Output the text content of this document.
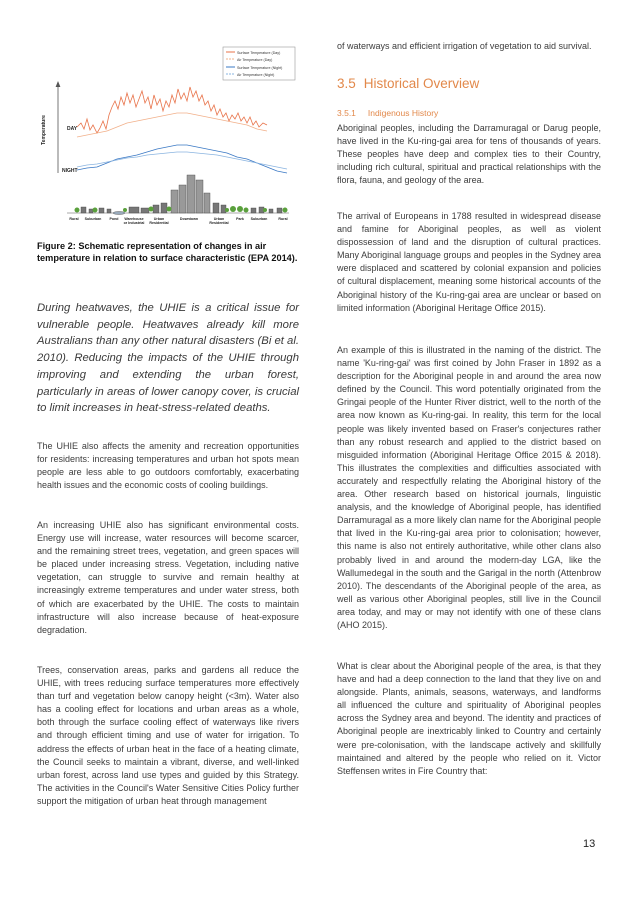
Surface Temperature (Day)
Air Temperature (Day)
Surface Temperature (Night)
Air Temperature (Night)
Temperature	DAY
NIGHT
Rural Suburban Pond Warehouse or Industrial
Urban Residential
Downtown	Urban Residential
Park Suburban	Rural

Figure 2: Schematic representation of changes in air temperature in relation to surface characteristic (EPA 2014).

During heatwaves, the UHIE is a critical issue for vulnerable people. Heatwaves already kill more Australians than any other natural disasters (Bi et al. 2010). Reducing the impacts of the UHIE through improving and extending the urban forest, particularly in areas of lower canopy cover, is crucial to limit increases in heat-stress-related deaths.

The UHIE also affects the amenity and recreation opportunities for residents: increasing temperatures and urban hot spots mean people are less able to go outdoors comfortably, exacerbating health issues and the economic costs of cooling buildings.

An increasing UHIE also has significant environmental costs. Energy use will increase, water resources will become scarcer, and the remaining street trees, vegetation, and green spaces will be placed under increasing stress. Vegetation, including native vegetation, can struggle to survive and remain healthy at increasingly extreme temperatures and under water stress, both of which are exacerbated by the UHIE. The costs to maintain infrastructure will also increase because of heat-exposure degradation.

Trees, conservation areas, parks and gardens all reduce the UHIE, with trees reducing surface temperatures more effectively than turf and vegetation below canopy height (<3m). Water also has a cooling effect for locations and urban areas as a whole, both through the surface cooling effect of waterways like rivers and through efficient timing and use of water for irrigation. To address the effects of urban heat in the face of a heating climate, the Council seeks to maintain a vibrant, diverse, and well-linked urban forest, across land use types and guided by this Strategy. The activities in the Council's Water Sensitive Cities Policy further support the mitigation of urban heat through management

of waterways and efficient irrigation of vegetation to aid survival.

3.5 Historical Overview
3.5.1 Indigenous History

Aboriginal peoples, including the Darramuragal or Darug people, have lived in the Ku-ring-gai area for tens of thousands of years. These peoples have deep and complex ties to their Country, including rich cultural, spiritual and practical relationships with the flora, fauna, and geology of the area.

The arrival of Europeans in 1788 resulted in widespread disease and famine for Aboriginal peoples, as well as violent dispossession of land and the disruption of cultural practices. Many Aboriginal language groups and peoples in the Sydney area were displaced and scattered by colonial expansion and policies of cultural displacement, meaning some historical accounts of the Aboriginal history of the Ku-ring-gai area are unclear or based on limited information (Aboriginal Heritage Office 2015).

An example of this is illustrated in the naming of the district. The name 'Ku-ring-gai' was first coined by John Fraser in 1892 as a description for the Aboriginal people in and around the area now defined by the Council. This word potentially originated from the Gringai people of the Hunter River district, well to the north of the area now known as Ku-ring-gai. In reality, this term for the local people was likely invented based on Fraser's conjectures rather than any robust research and applied to the district based on misguided information (Aboriginal Heritage Office 2015 & 2018). This illustrates the complexities and difficulties associated with accurately and respectfully relating the Aboriginal history of the area. Other research based on historical journals, linguistic analysis, and the knowledge of Aboriginal people, has identified Darramuragal as a more likely clan name for the Aboriginal people that lived in the Ku-ring-gai area prior to colonisation; however, this name is also not entirely authoritative, while other clans also probably lived in and around the modern-day LGA, like the Wallumedegal in the south and the Garigal in the north (Attenbrow 2010). The descendants of the Aboriginal people of the area, as well as various other Aboriginal peoples, still live in the Council area today, and may or may not identify with one of these clans (AHO 2015).

What is clear about the Aboriginal people of the area, is that they have and had a deep connection to the land that they live on and alongside. Plants, animals, seasons, waterways, and landforms all influenced the culture and spirituality of Aboriginal peoples across the Sydney area and beyond. The identity and practices of Aboriginal people are inextricably linked to Country and certainly were pre-colonisation, with the landscape actively and skillfully maintained and altered by the people who relied on it. Victor Steffensen writes in Fire Country that:

13
